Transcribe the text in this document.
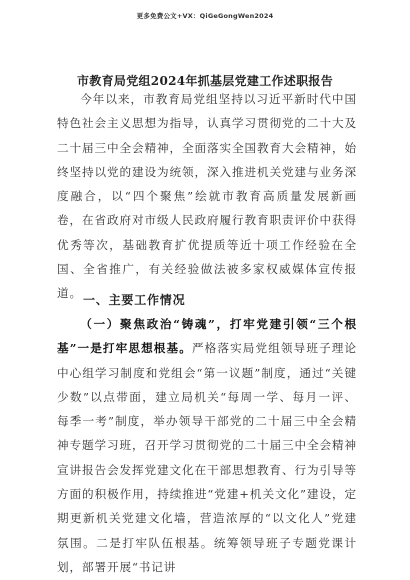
更多免费公文+VX：QiGeGongWen2024
市教育局党组2024年抓基层党建工作述职报告
今年以来，市教育局党组坚持以习近平新时代中国特色社会主义思想为指导，认真学习贯彻党的二十大及二十届三中全会精神，全面落实全国教育大会精神，始终坚持以党的建设为统领，深入推进机关党建与业务深度融合，以“四个聚焦”绘就市教育高质量发展新画卷，在省政府对市级人民政府履行教育职责评价中获得优秀等次，基础教育扩优提质等近十项工作经验在全国、全省推广，有关经验做法被多家权威媒体宣传报道。 一、主要工作情况
（一）聚焦政治“铸魂”，打牢党建引领“三个根基”一是打牢思想根基。严格落实局党组领导班子理论中心组学习制度和党组会“第一议题”制度，通过“关键少数”以点带面，建立局机关“每周一学、每月一评、每季一考”制度，举办领导干部党的二十届三中全会精神专题学习班，召开学习贯彻党的二十届三中全会精神宣讲报告会发挥党建文化在干部思想教育、行为引导等方面的积极作用，持续推进“党建+机关文化”建设，定期更新机关党建文化墙，营造浓厚的“以文化人”党建氛围。二是打牢队伍根基。统筹领导班子专题党课计划，部署开展“书记讲
